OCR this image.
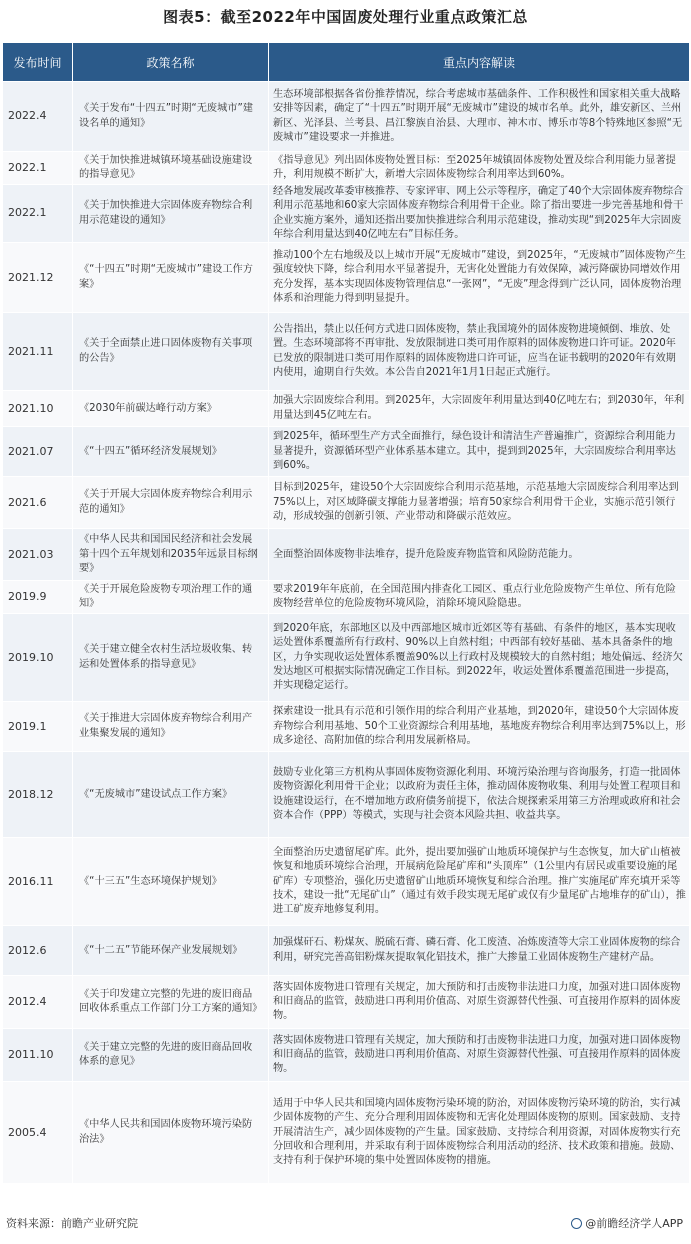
图表5：截至2022年中国固废处理行业重点政策汇总
发布时间	政策名称	重点内容解读
2022.4	《关于发布“十四五”时期“无废城市”建设名单的通知》	生态环境部根据各省份推荐情况，综合考虑城市基础条件、工作积极性和国家相关重大战略安排等因素，确定了“十四五”时期开展“无废城市”建设的城市名单。此外，雄安新区、兰州新区、光泽县、兰考县、昌江黎族自治县、大理市、神木市、博乐市等8个特殊地区参照“无废城市”建设要求一并推进。
2022.1	《关于加快推进城镇环境基础设施建设的指导意见》	《指导意见》列出固体废物处置目标：至2025年城镇固体废物处置及综合利用能力显著提升，利用规模不断扩大，新增大宗固体废物综合利用率达到60%。
2022.1	《关于加快推进大宗固体废弃物综合利用示范建设的通知》	经各地发展改革委审核推荐、专家评审、网上公示等程序，确定了40个大宗固体废弃物综合利用示范基地和60家大宗固体废弃物综合利用骨干企业。除了指出要进一步完善基地和骨干企业实施方案外，通知还指出要加快推进综合利用示范建设，推动实现“到2025年大宗固废年综合利用量达到40亿吨左右”目标任务。
2021.12	《“十四五”时期“无废城市”建设工作方案》	推动100个左右地级及以上城市开展“无废城市”建设，到2025年，“无废城市”固体废物产生强度较快下降，综合利用水平显著提升，无害化处置能力有效保障，减污降碳协同增效作用充分发挥，基本实现固体废物管理信息“一张网”，“无废”理念得到广泛认同，固体废物治理体系和治理能力得到明显提升。
2021.11	《关于全面禁止进口固体废物有关事项的公告》	公告指出，禁止以任何方式进口固体废物，禁止我国境外的固体废物进境倾倒、堆放、处置。生态环境部将不再审批、发放限制进口类可用作原料的固体废物进口许可证。2020年已发放的限制进口类可用作原料的固体废物进口许可证，应当在证书载明的2020年有效期内使用，逾期自行失效。本公告自2021年1月1日起正式施行。
2021.10	《2030年前碳达峰行动方案》	加强大宗固废综合利用。到2025年，大宗固废年利用量达到40亿吨左右；到2030年，年利用量达到45亿吨左右。
2021.07	《“十四五”循环经济发展规划》	到2025年，循环型生产方式全面推行，绿色设计和清洁生产普遍推广，资源综合利用能力显著提升，资源循环型产业体系基本建立。其中，提到到2025年，大宗固废综合利用率达到60%。
2021.6	《关于开展大宗固体废弃物综合利用示范的通知》	目标到2025年，建设50个大宗固废综合利用示范基地，示范基地大宗固废综合利用率达到75%以上，对区域降碳支撑能力显著增强；培育50家综合利用骨干企业，实施示范引领行动，形成较强的创新引领、产业带动和降碳示范效应。
2021.03	《中华人民共和国国民经济和社会发展第十四个五年规划和2035年远景目标纲要》	全面整治固体废物非法堆存，提升危险废弃物监管和风险防范能力。
2019.9	《关于开展危险废物专项治理工作的通知》	要求2019年年底前，在全国范围内排查化工园区、重点行业危险废物产生单位、所有危险废物经营单位的危险废物环境风险，消除环境风险隐患。
2019.10	《关于建立健全农村生活垃圾收集、转运和处置体系的指导意见》	到2020年底，东部地区以及中西部地区城市近郊区等有基础、有条件的地区，基本实现收运处置体系覆盖所有行政村、90%以上自然村组；中西部有较好基础、基本具备条件的地区，力争实现收运处置体系覆盖90%以上行政村及规模较大的自然村组；地处偏远、经济欠发达地区可根据实际情况确定工作目标。到2022年，收运处置体系覆盖范围进一步提高，并实现稳定运行。
2019.1	《关于推进大宗固体废弃物综合利用产业集聚发展的通知》	探索建设一批具有示范和引领作用的综合利用产业基地，到2020年，建设50个大宗固体废弃物综合利用基地、50个工业资源综合利用基地，基地废弃物综合利用率达到75%以上，形成多途径、高附加值的综合利用发展新格局。
2018.12	《“无废城市”建设试点工作方案》	鼓励专业化第三方机构从事固体废物资源化利用、环境污染治理与咨询服务，打造一批固体废物资源化利用骨干企业；以政府为责任主体，推动固体废物收集、利用与处置工程项目和设施建设运行，在不增加地方政府债务前提下，依法合规探索采用第三方治理或政府和社会资本合作（PPP）等模式，实现与社会资本风险共担、收益共享。
2016.11	《“十三五”生态环境保护规划》	全面整治历史遗留尾矿库。此外，提出要加强矿山地质环境保护与生态恢复，加大矿山植被恢复和地质环境综合治理，开展病危险尾矿库和“头顶库”（1公里内有居民或重要设施的尾矿库）专项整治，强化历史遗留矿山地质环境恢复和综合治理。推广实施尾矿库充填开采等技术，建设一批“无尾矿山”（通过有效手段实现无尾矿或仅有少量尾矿占地堆存的矿山），推进工矿废弃地修复利用。
2012.6	《“十二五”节能环保产业发展规划》	加强煤矸石、粉煤灰、脱硫石膏、磷石膏、化工废渣、冶炼废渣等大宗工业固体废物的综合利用，研究完善高铝粉煤灰提取氧化铝技术，推广大掺量工业固体废物生产建材产品。
2012.4	《关于印发建立完整的先进的废旧商品回收体系重点工作部门分工方案的通知》	落实固体废物进口管理有关规定，加大预防和打击废物非法进口力度，加强对进口固体废物和旧商品的监管，鼓励进口再利用价值高、对原生资源替代性强、可直接用作原料的固体废物。
2011.10	《关于建立完整的先进的废旧商品回收体系的意见》	落实固体废物进口管理有关规定，加大预防和打击废物非法进口力度，加强对进口固体废物和旧商品的监管，鼓励进口再利用价值高、对原生资源替代性强、可直接用作原料的固体废物。
2005.4	《中华人民共和国固体废物环境污染防治法》	适用于中华人民共和国境内固体废物污染环境的防治，对固体废物污染环境的防治，实行减少固体废物的产生、充分合理利用固体废物和无害化处理固体废物的原则。国家鼓励、支持开展清洁生产，减少固体废物的产生量。国家鼓励、支持综合利用资源，对固体废物实行充分回收和合理利用，并采取有利于固体废物综合利用活动的经济、技术政策和措施。鼓励、支持有利于保护环境的集中处置固体废物的措施。
资料来源：前瞻产业研究院	@前瞻经济学人APP
